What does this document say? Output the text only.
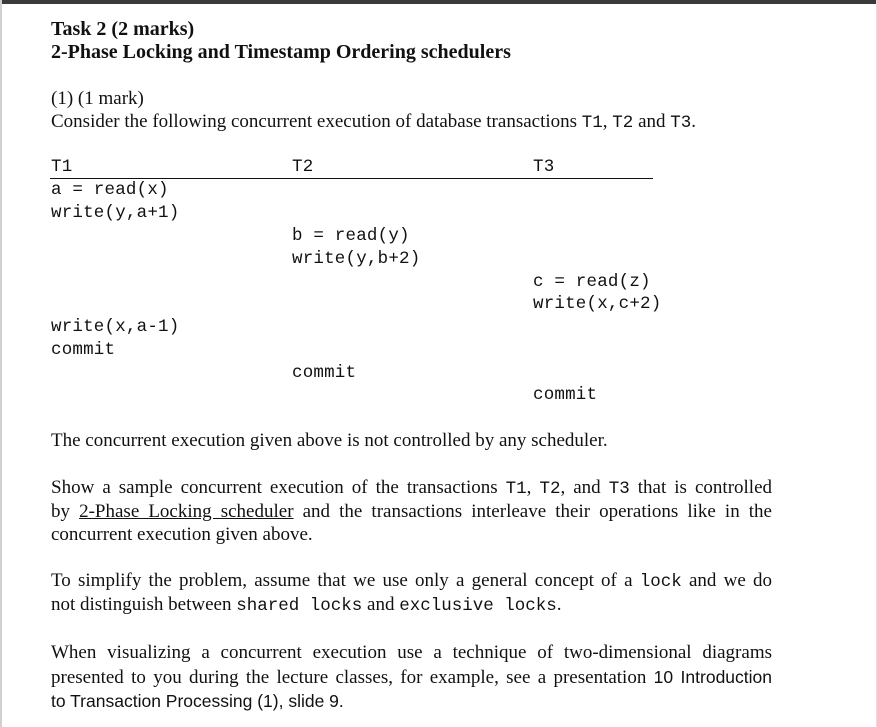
Task 2 (2 marks)
2-Phase Locking and Timestamp Ordering schedulers
(1) (1 mark)
Consider the following concurrent execution of database transactions T1, T2 and T3.
T1	T2	T3
a = read(x)
write(y,a+1)
b = read(y)
write(y,b+2)
c = read(z)
write(x,c+2)
write(x,a-1)
commit
commit
commit
The concurrent execution given above is not controlled by any scheduler.
Show a sample concurrent execution of the transactions T1, T2, and T3 that is controlled
by 2-Phase Locking scheduler and the transactions interleave their operations like in the
concurrent execution given above.
To simplify the problem, assume that we use only a general concept of a lock and we do
not distinguish between shared locks and exclusive locks.
When visualizing a concurrent execution use a technique of two-dimensional diagrams
presented to you during the lecture classes, for example, see a presentation 10 Introduction
to Transaction Processing (1), slide 9.
